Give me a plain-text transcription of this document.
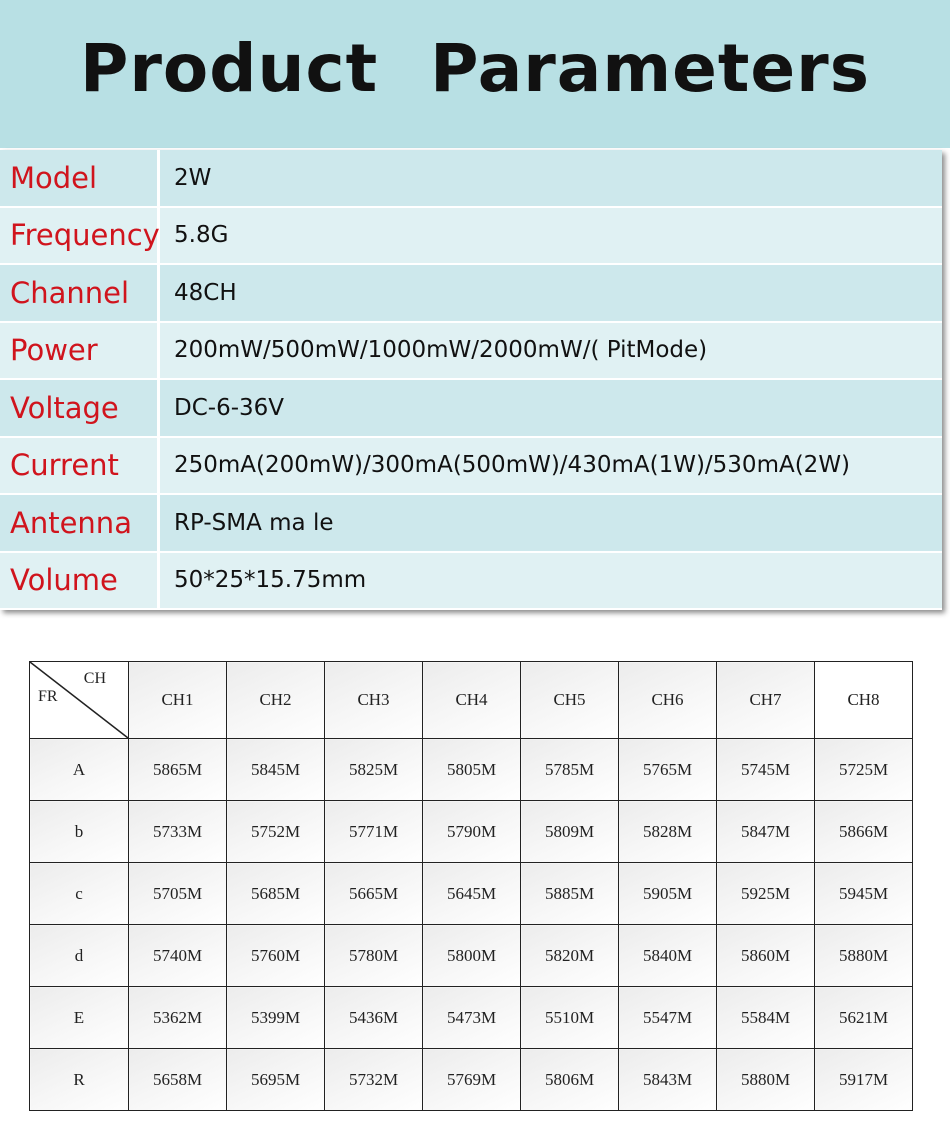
Product Parameters
Model	2W
Frequency 5.8G
Channel	48CH
Power	200mW/500mW/1000mW/2000mW/( PitMode)
Voltage	DC-6-36V
Current	250mA(200mW)/300mA(500mW)/430mA(1W)/530mA(2W)
Antenna	RP-SMA ma le
Volume	50*25*15.75mm
CH
FR	CH1	CH2	CH3	CH4	CH5	CH6	CH7	CH8
A	5865M	5845M	5825M	5805M	5785M	5765M	5745M	5725M
b	5733M	5752M	5771M	5790M	5809M	5828M	5847M	5866M
c	5705M	5685M	5665M	5645M	5885M	5905M	5925M	5945M
d	5740M	5760M	5780M	5800M	5820M	5840M	5860M	5880M
E	5362M	5399M	5436M	5473M	5510M	5547M	5584M	5621M
R	5658M	5695M	5732M	5769M	5806M	5843M	5880M	5917M
